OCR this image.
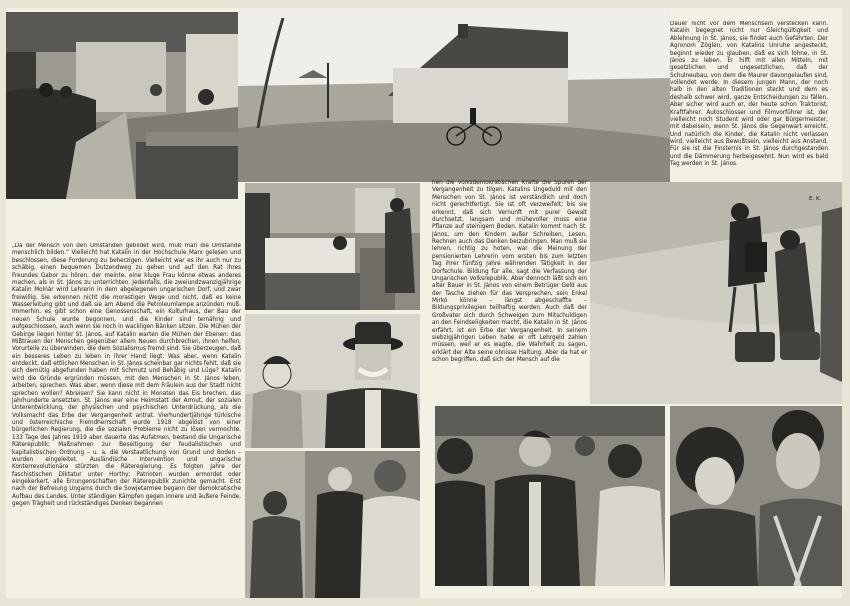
„Da der Mensch von den Umständen gebildet wird, muß man die Umstände menschlich bilden.“ Vielleicht hat Katalin in der Hochschule Marx gelesen und beschlossen, diese Forderung zu beherzigen. Vielleicht war es ihr auch nur zu schäbig, einen bequemen Dutzendweg zu gehen und auf den Rat ihres Freundes Gabor zu hören, der meinte, eine kluge Frau könne etwas anderes machen, als in St. János zu unterrichten. Jedenfalls, die zweiundzwanzigjährige Katalin Molnár wird Lehrerin in dem abgelegenen ungarischen Dorf, und zwar freiwillig. Sie erkennen nicht die morastigen Wege und nicht, daß es keine Wasserleitung gibt und daß sie am Abend die Petroleumlampe anzünden muß. Immerhin, es gibt schon eine Genossenschaft, ein Kulturhaus, der Bau der neuen Schule wurde begonnen, und die Kinder sind ternährig und aufgeschlossen, auch wenn sie noch in wackligen Bänken sitzen. Die Mühen der Gebirge liegen hinter St. János, auf Katalin warten die Mühen der Ebenen: das Mißtrauen der Menschen gegenüber allem Neuen durchbrechen, ihnen helfen, Vorurteile zu überwinden, die dem Sozialismus fremd sind. Sie überzeugen, daß ein besseres Leben zu leben in ihrer Hand liegt. Was aber, wenn Katalin entdeckt, daß ettlichen Menschen in St. János scheinbar gar nichts fehlt, daß sie sich demütig abgefunden haben mit Schmutz und Behäbig und Lüge? Katalin wird die Gründe ergründen müssen, mit den Menschen in St. János leben, arbeiten, sprechen. Was aber, wenn diese mit dem Fräulein aus der Stadt nicht sprechen wollen? Abreisen? Sie kann nicht in Monaten das Eis brechen, das Jahrhunderte ansetzten. St. János war eine Heimstatt der Armut, der sozialen Unterentwicklung, der physischen und psychischen Unterdrückung, als die Volksmacht das Erbe der Vergangenheit antrat. Vierhundertjährige türkische und österreichische Fremdherrschaft wurde 1918 abgelöst von einer bürgerlichen Regierung, die die sozialen Probleme nicht zu lösen vermochte. 133 Tage des Jahres 1919 aber dauerte das Aufatmen, bestand die Ungarische Räterepublik; Maßnahmen zur Beseitigung der feudalistischen und kapitalistischen Ordnung – u. a. die Verstaatlichung von Grund und Boden – wurden eingeleitet. Ausländische Intervention und ungarische Konterrevolutionäre stürzten die Räteregierung. Es folgten Jahre der faschistischen Diktatur unter Horthy; Patrioten wurden ermordet oder eingekerkert, alle Errungenschaften der Räterepublik zunichte gemacht. Erst nach der Befreiung Ungarns durch die Sowjetarmee begann der demokratische Aufbau des Landes. Unter ständigen Kämpfen gegen innere und äußere Feinde, gegen Trägheit und rückständiges Denken begannen

nen die volksdemokratischen Kräfte die Spuren der Vergangenheit zu tilgen. Katalins Ungeduld mit den Menschen von St. János ist verständlich und doch nicht gerechtfertigt. Sie ist oft verzweifelt; bis sie erkennt, daß sich Vernunft mit purer Gewalt durchsetzt, langsam und mühevoller muss eine Pflanze auf steinigem Boden. Katalin kommt nach St. János, um den Kindern außer Schreiben, Lesen, Rechnen auch das Denken beizubringen. Man muß sie lehren, richtig zu hoten, war die Meinung der pensionierten Lehrerin vom ersten bis zum letzten Tag ihrer fünfzig Jahre währenden Tätigkeit in der Dorfschule. Bildung für alle, sagt die Verfassung der Ungarischen Volksrepublik. Aber dennoch läßt sich ein alter Bauer in St. János von einem Betrüger Geld aus der Tasche ziehen für das Versprechen, sein Enkel Mirkó könne – längst abgeschaffte – Bildungsprivilegien teilhaftig werden. Auch daß der Großvater sich durch Schweigen zum Mitschuldigen an den Feindseligkeiten macht, die Katalin in St. János erfährt, ist ein Erbe der Vergangenheit. In seinem siebzigjährigen Leben habe er oft Lehrgeld zahlen müssen, weil er es wagte, die Wahrheit zu sagen, erklärt der Alte seine ohnisse Haltung. Aber da hat er schon begriffen, daß sich der Mensch auf die

Dauer nicht vor dem Menschsein verstecken kann. Katalin begegnet nicht nur Gleichgültigkeit und Ablehnung in St. János, sie findet auch Gefährten. Der Agronom Zöglén, von Katalins Unruhe angesteckt, beginnt wieder zu glauben, daß es sich lohne, in St. János zu leben. Er hilft mit allen Mitteln, mit gesetzlichen und ungesetzlichen, daß der Schulneubau, von dem die Maurer davongelaufen sind, vollendet werde. In diesem jungen Mann, der noch halb in den alten Traditionen steckt und dem es deshalb schwer wird, ganze Entscheidungen zu fällen, Aber sicher wird auch er, der heute schon Traktorist, Kraftfahrer, Autoschlosser und Filmvorführer ist, der vielleicht noch Student wird oder gar Bürgermeister, mit dabeisein, wenn St. János die Gegenwart erreicht. Und natürlich die Kinder, die Katalin nicht verlassen wird, vielleicht aus Bewußtsein, vielleicht aus Anstand. Für sie ist die Finsternis in St. János durchgestanden und die Dämmerung herbeigesehnt. Nun wird es bald Tag werden in St. János.

E. K.
